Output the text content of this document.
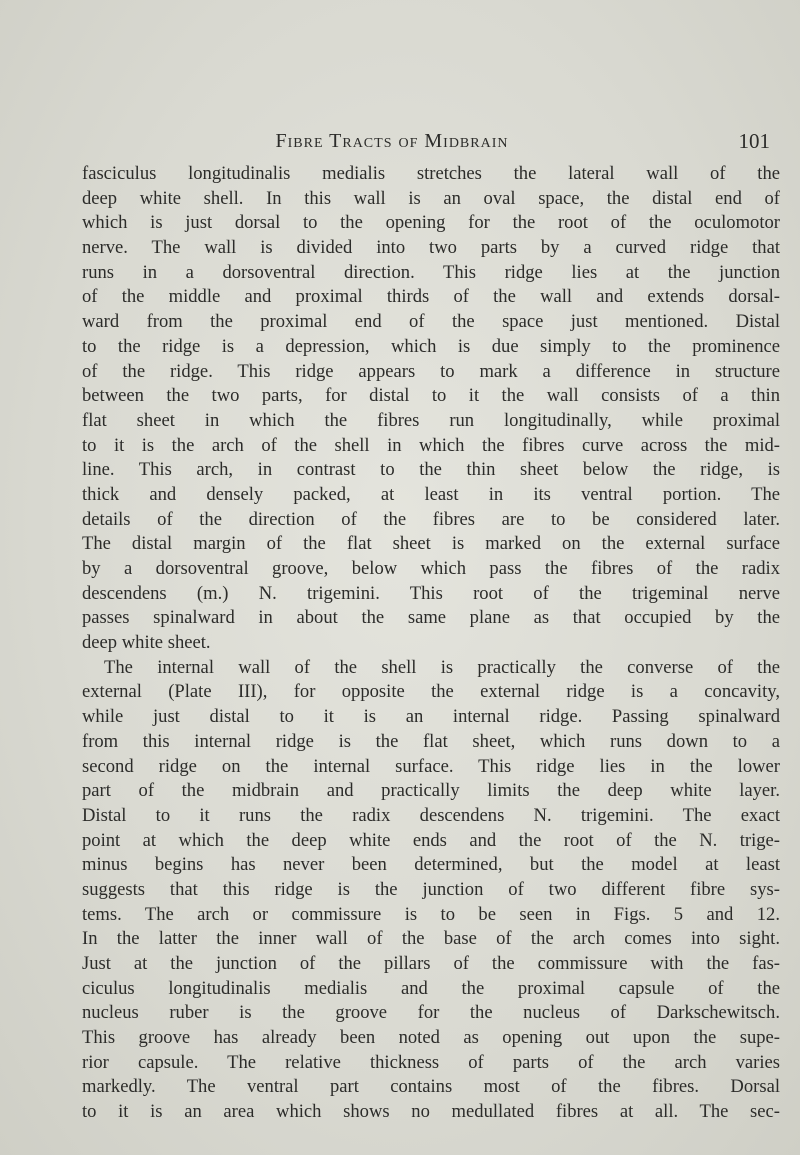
Fibre Tracts of Midbrain	101
fasciculus longitudinalis medialis stretches the lateral wall of the
deep white shell. In this wall is an oval space, the distal end of
which is just dorsal to the opening for the root of the oculomotor
nerve. The wall is divided into two parts by a curved ridge that
runs in a dorsoventral direction. This ridge lies at the junction
of the middle and proximal thirds of the wall and extends dorsal-
ward from the proximal end of the space just mentioned. Distal
to the ridge is a depression, which is due simply to the prominence
of the ridge. This ridge appears to mark a difference in structure
between the two parts, for distal to it the wall consists of a thin
flat sheet in which the fibres run longitudinally, while proximal
to it is the arch of the shell in which the fibres curve across the mid-
line. This arch, in contrast to the thin sheet below the ridge, is
thick and densely packed, at least in its ventral portion. The
details of the direction of the fibres are to be considered later.
The distal margin of the flat sheet is marked on the external surface
by a dorsoventral groove, below which pass the fibres of the radix
descendens (m.) N. trigemini. This root of the trigeminal nerve
passes spinalward in about the same plane as that occupied by the
deep white sheet.
The internal wall of the shell is practically the converse of the
external (Plate III), for opposite the external ridge is a concavity,
while just distal to it is an internal ridge. Passing spinalward
from this internal ridge is the flat sheet, which runs down to a
second ridge on the internal surface. This ridge lies in the lower
part of the midbrain and practically limits the deep white layer.
Distal to it runs the radix descendens N. trigemini. The exact
point at which the deep white ends and the root of the N. trige-
minus begins has never been determined, but the model at least
suggests that this ridge is the junction of two different fibre sys-
tems. The arch or commissure is to be seen in Figs. 5 and 12.
In the latter the inner wall of the base of the arch comes into sight.
Just at the junction of the pillars of the commissure with the fas-
ciculus longitudinalis medialis and the proximal capsule of the
nucleus ruber is the groove for the nucleus of Darkschewitsch.
This groove has already been noted as opening out upon the supe-
rior capsule. The relative thickness of parts of the arch varies
markedly. The ventral part contains most of the fibres. Dorsal
to it is an area which shows no medullated fibres at all. The sec-
